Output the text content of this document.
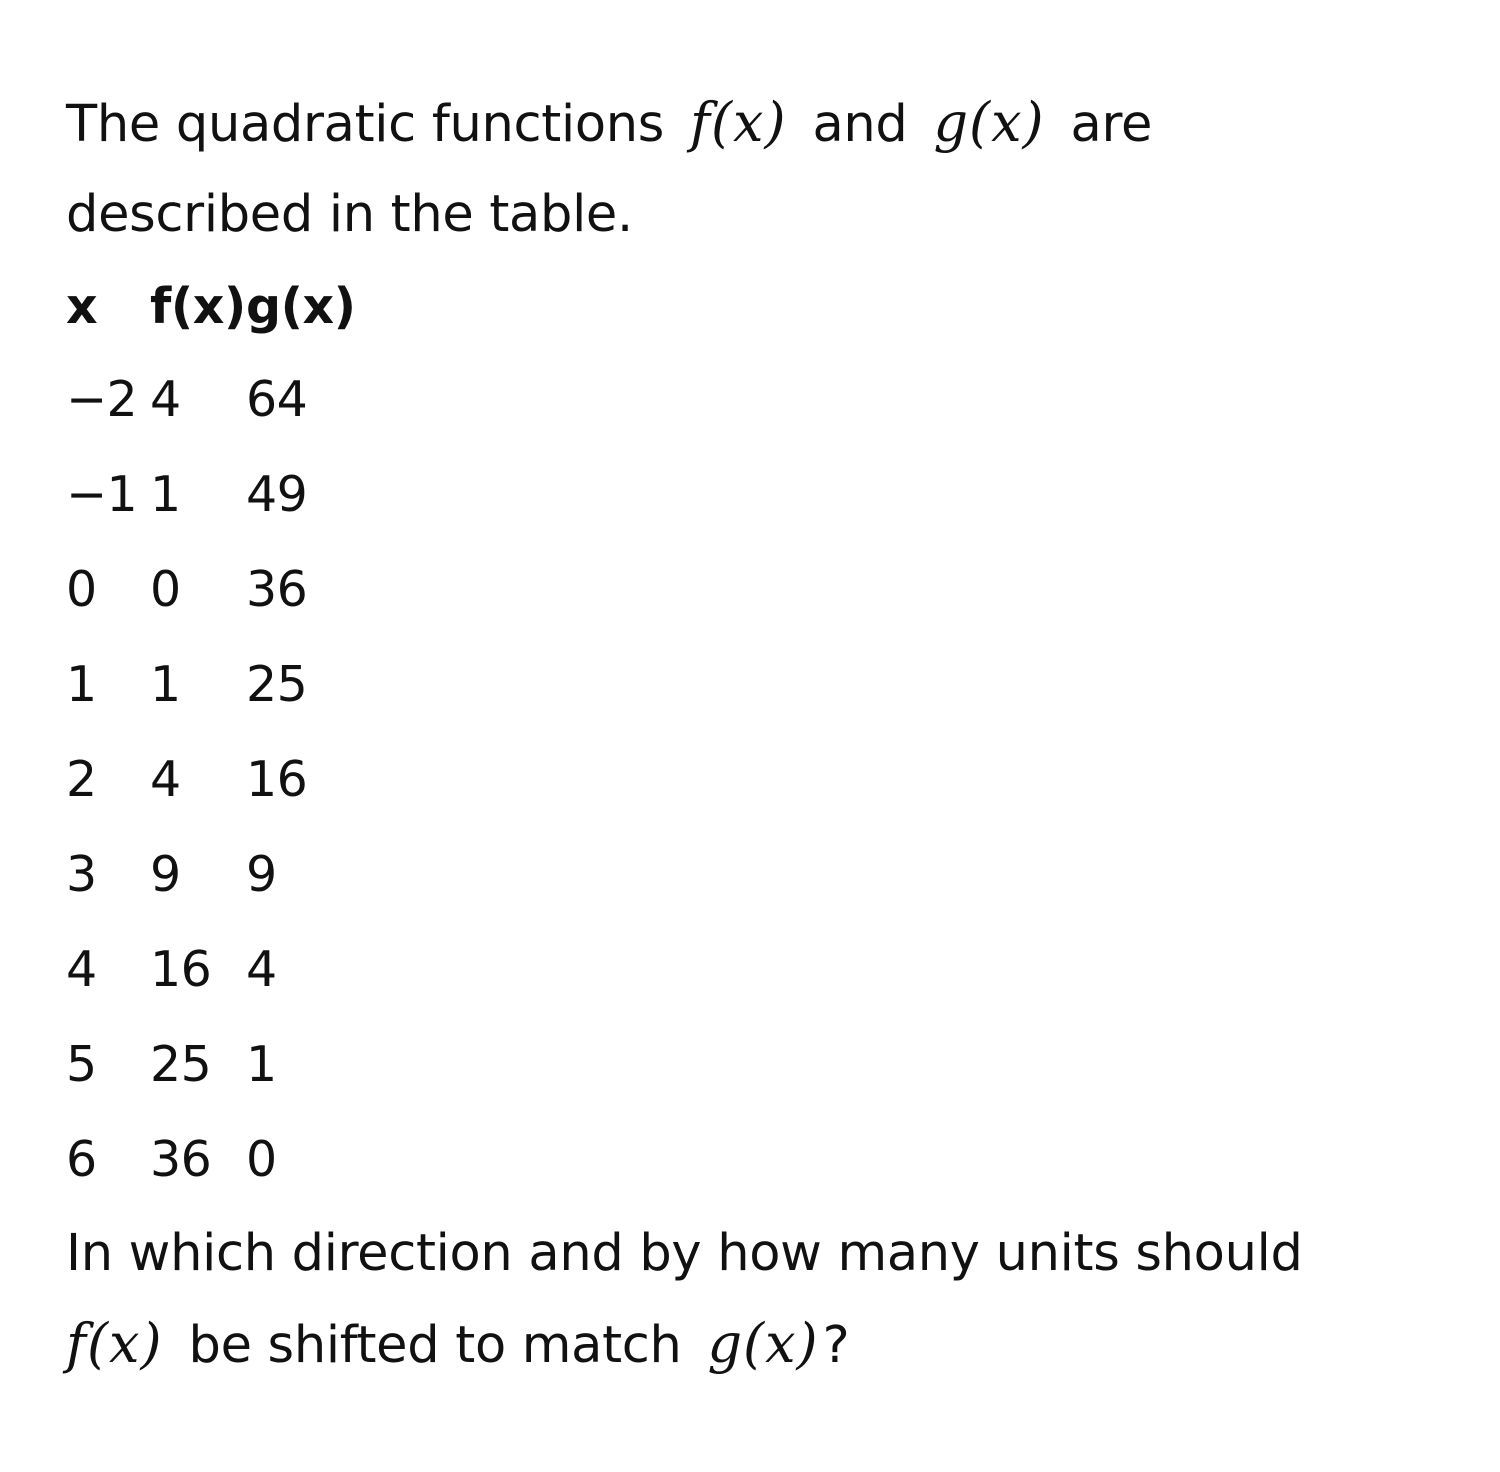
The quadratic functions f(x) and g(x) are
described in the table.

x	f(x)	g(x)
−2	4	64
−1	1	49
0	0	36
1	1	25
2	4	16
3	9	9
4	16	4
5	25	1
6	36	0

In which direction and by how many units should
f(x) be shifted to match g(x)?
